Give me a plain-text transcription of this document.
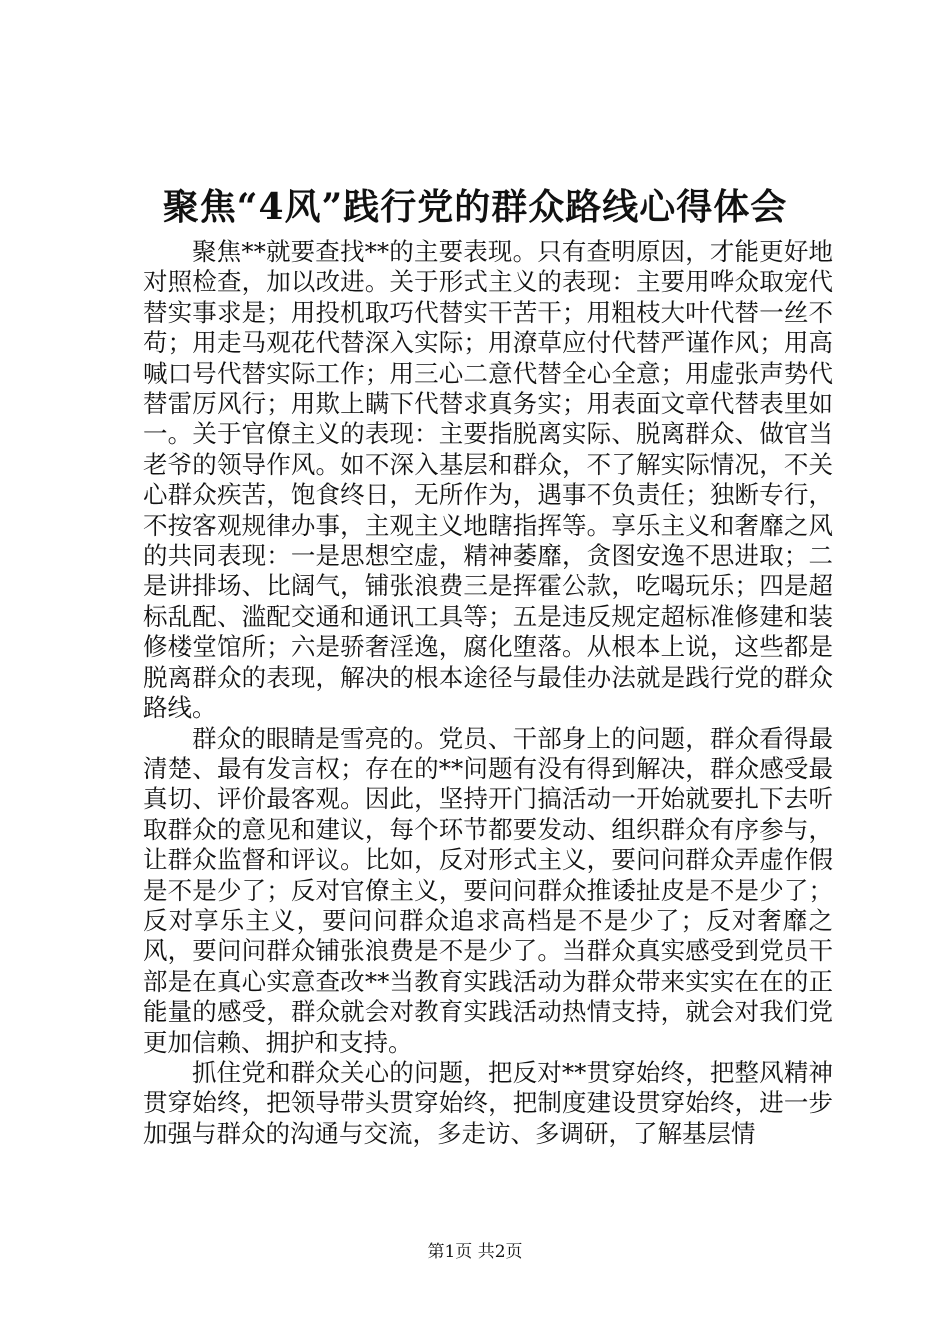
聚焦“4风”践行党的群众路线心得体会

聚焦**就要查找**的主要表现。只有查明原因，才能更好地对照检查，加以改进。关于形式主义的表现：主要用哗众取宠代替实事求是；用投机取巧代替实干苦干；用粗枝大叶代替一丝不苟；用走马观花代替深入实际；用潦草应付代替严谨作风；用高喊口号代替实际工作；用三心二意代替全心全意；用虚张声势代替雷厉风行；用欺上瞒下代替求真务实；用表面文章代替表里如一。关于官僚主义的表现：主要指脱离实际、脱离群众、做官当老爷的领导作风。如不深入基层和群众，不了解实际情况，不关心群众疾苦，饱食终日，无所作为，遇事不负责任；独断专行，不按客观规律办事，主观主义地瞎指挥等。享乐主义和奢靡之风的共同表现：一是思想空虚，精神萎靡，贪图安逸不思进取；二是讲排场、比阔气，铺张浪费三是挥霍公款，吃喝玩乐；四是超标乱配、滥配交通和通讯工具等；五是违反规定超标准修建和装修楼堂馆所；六是骄奢淫逸，腐化堕落。从根本上说，这些都是脱离群众的表现，解决的根本途径与最佳办法就是践行党的群众路线。

群众的眼睛是雪亮的。党员、干部身上的问题，群众看得最清楚、最有发言权；存在的**问题有没有得到解决，群众感受最真切、评价最客观。因此，坚持开门搞活动一开始就要扎下去听取群众的意见和建议，每个环节都要发动、组织群众有序参与，让群众监督和评议。比如，反对形式主义，要问问群众弄虚作假是不是少了；反对官僚主义，要问问群众推诿扯皮是不是少了；反对享乐主义，要问问群众追求高档是不是少了；反对奢靡之风，要问问群众铺张浪费是不是少了。当群众真实感受到党员干部是在真心实意查改**当教育实践活动为群众带来实实在在的正能量的感受，群众就会对教育实践活动热情支持，就会对我们党更加信赖、拥护和支持。

抓住党和群众关心的问题，把反对**贯穿始终，把整风精神贯穿始终，把领导带头贯穿始终，把制度建设贯穿始终，进一步加强与群众的沟通与交流，多走访、多调研，了解基层情

第1页 共2页
